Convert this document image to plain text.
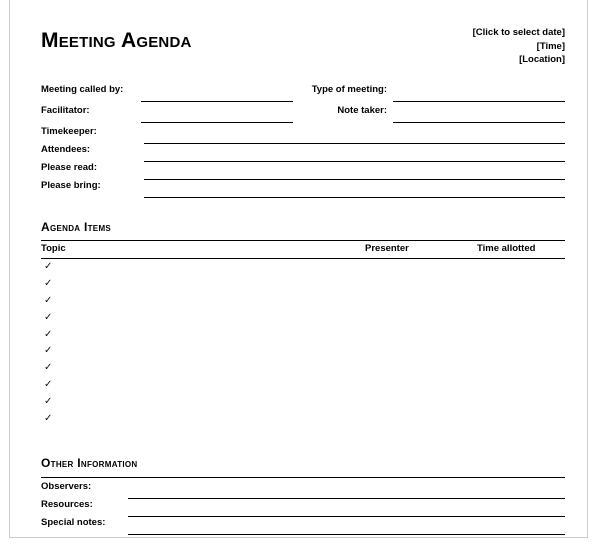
Meeting Agenda	[Click to select date]
[Time]
[Location]
Meeting called by:	Type of meeting:
Facilitator:	Note taker:
Timekeeper:
Attendees:
Please read:
Please bring:
Agenda Items
Topic	Presenter	Time allotted
✓
✓
✓
✓
✓
✓
✓
✓
✓
✓
Other Information
Observers:
Resources:
Special notes:
